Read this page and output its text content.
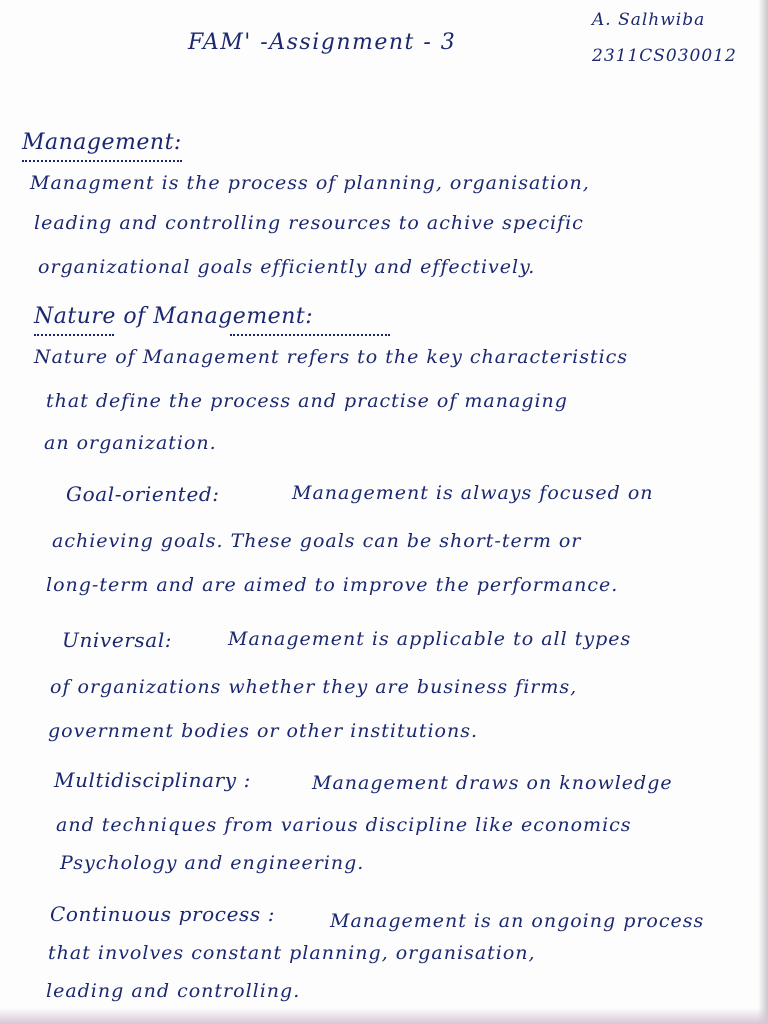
FAM' -Assignment - 3
A. Salhwiba
2311CS030012
Management:
Managment is the process of planning, organisation,
leading and controlling resources to achive specific
organizational goals efficiently and effectively.
Nature of Management:
Nature of Management refers to the key characteristics
that define the process and practise of managing
an organization.
Goal-oriented:	Management is always focused on
achieving goals. These goals can be short-term or
long-term and are aimed to improve the performance.
Universal:	Management is applicable to all types
of organizations whether they are business firms,
government bodies or other institutions.
Multidisciplinary :	Management draws on knowledge
and techniques from various discipline like economics
Psychology and engineering.
Continuous process :	Management is an ongoing process
that involves constant planning, organisation,
leading and controlling.
